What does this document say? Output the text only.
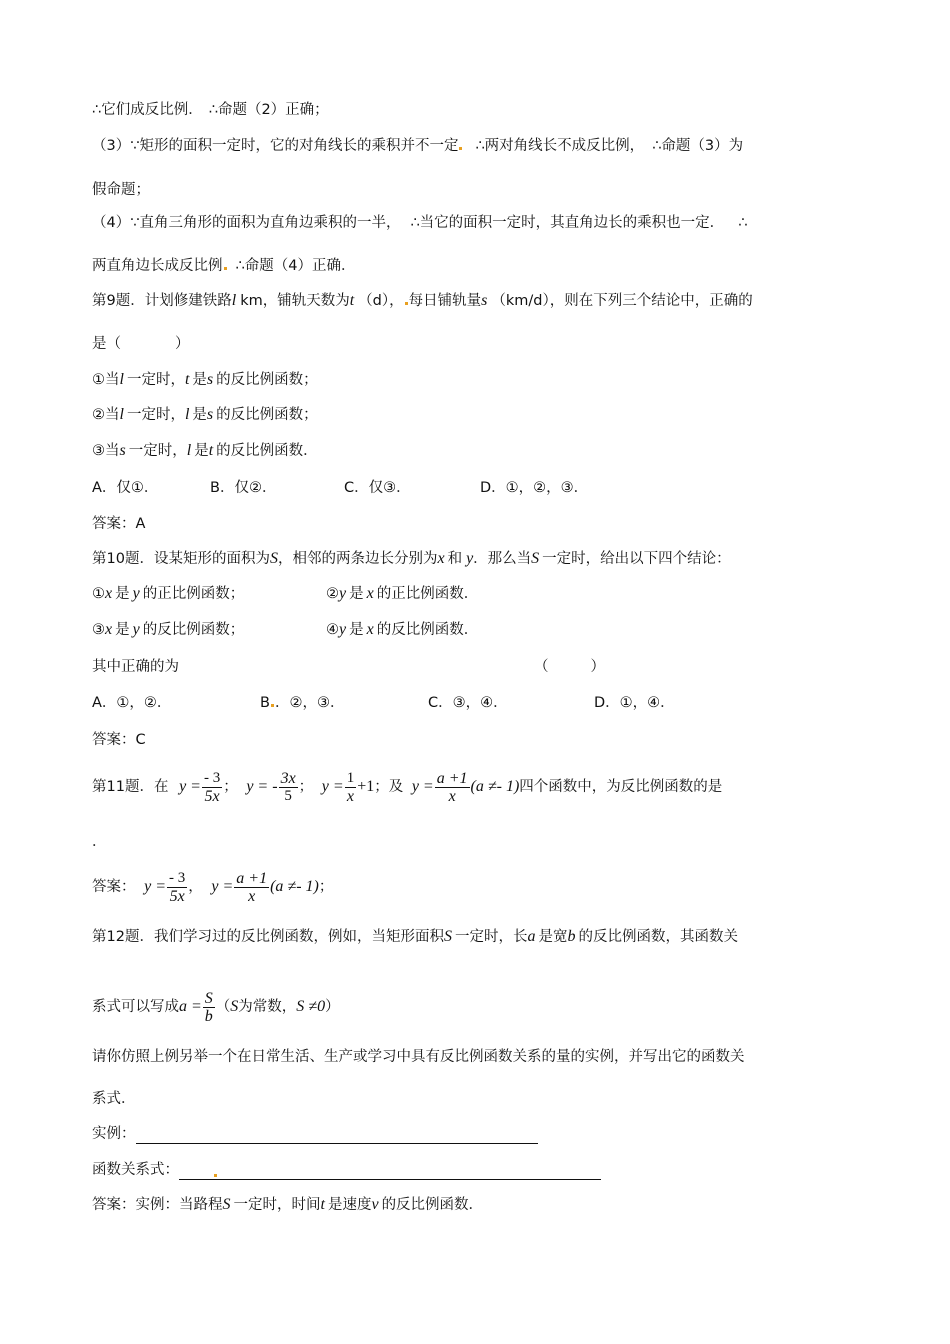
∴它们成反比例． ∴命题（2）正确；
（3）∵矩形的面积一定时，它的对角线长的乘积并不一定 ∴两对角线长不成反比例， ∴命题（3）为
假命题；
（4）∵直角三角形的面积为直角边乘积的一半， ∴当它的面积一定时，其直角边长的乘积也一定． ∴
两直角边长成反比例 ∴命题（4）正确．
第9题．计划修建铁路l km，铺轨天数为t （d）， 每日铺轨量s （km/d），则在下列三个结论中，正确的
是（	）
①当l 一定时，t 是s 的反比例函数；
②当l 一定时，l 是s 的反比例函数；
③当s 一定时，l 是t 的反比例函数．
A．仅①．	B．仅②．	C．仅③．	D．①，②，③．
答案：A
第10题．设某矩形的面积为S，相邻的两条边长分别为x 和 y．那么当S 一定时，给出以下四个结论：
①x 是 y 的正比例函数；	②y 是 x 的正比例函数．
③x 是 y 的反比例函数；	④y 是 x 的反比例函数．
其中正确的为	（	）
A．①，②．	B ．②，③．	C．③，④．	D．①，④．
答案：C
第11题．在 $y = \frac{- 3}{5x}$ ； y = - $\frac{3x}{5}$ ； $y = \frac{1}{x} +1$；及 $y = \frac{a +1}{x} (a \ne- 1)$四个函数中，为反比例函数的是
．
答案： $y = \frac{- 3}{5x}$ ， $y = \frac{a +1}{x} (a \ne- 1)$；
第12题．我们学习过的反比例函数，例如，当矩形面积S 一定时，长a 是宽b 的反比例函数，其函数关
系式可以写成$a = \frac{S}{b} (S$为常数，S ≠0）
请你仿照上例另举一个在日常生活、生产或学习中具有反比例函数关系的量的实例，并写出它的函数关
系式．
实例：
函数关系式：
答案：实例：当路程S 一定时，时间t 是速度v 的反比例函数．
